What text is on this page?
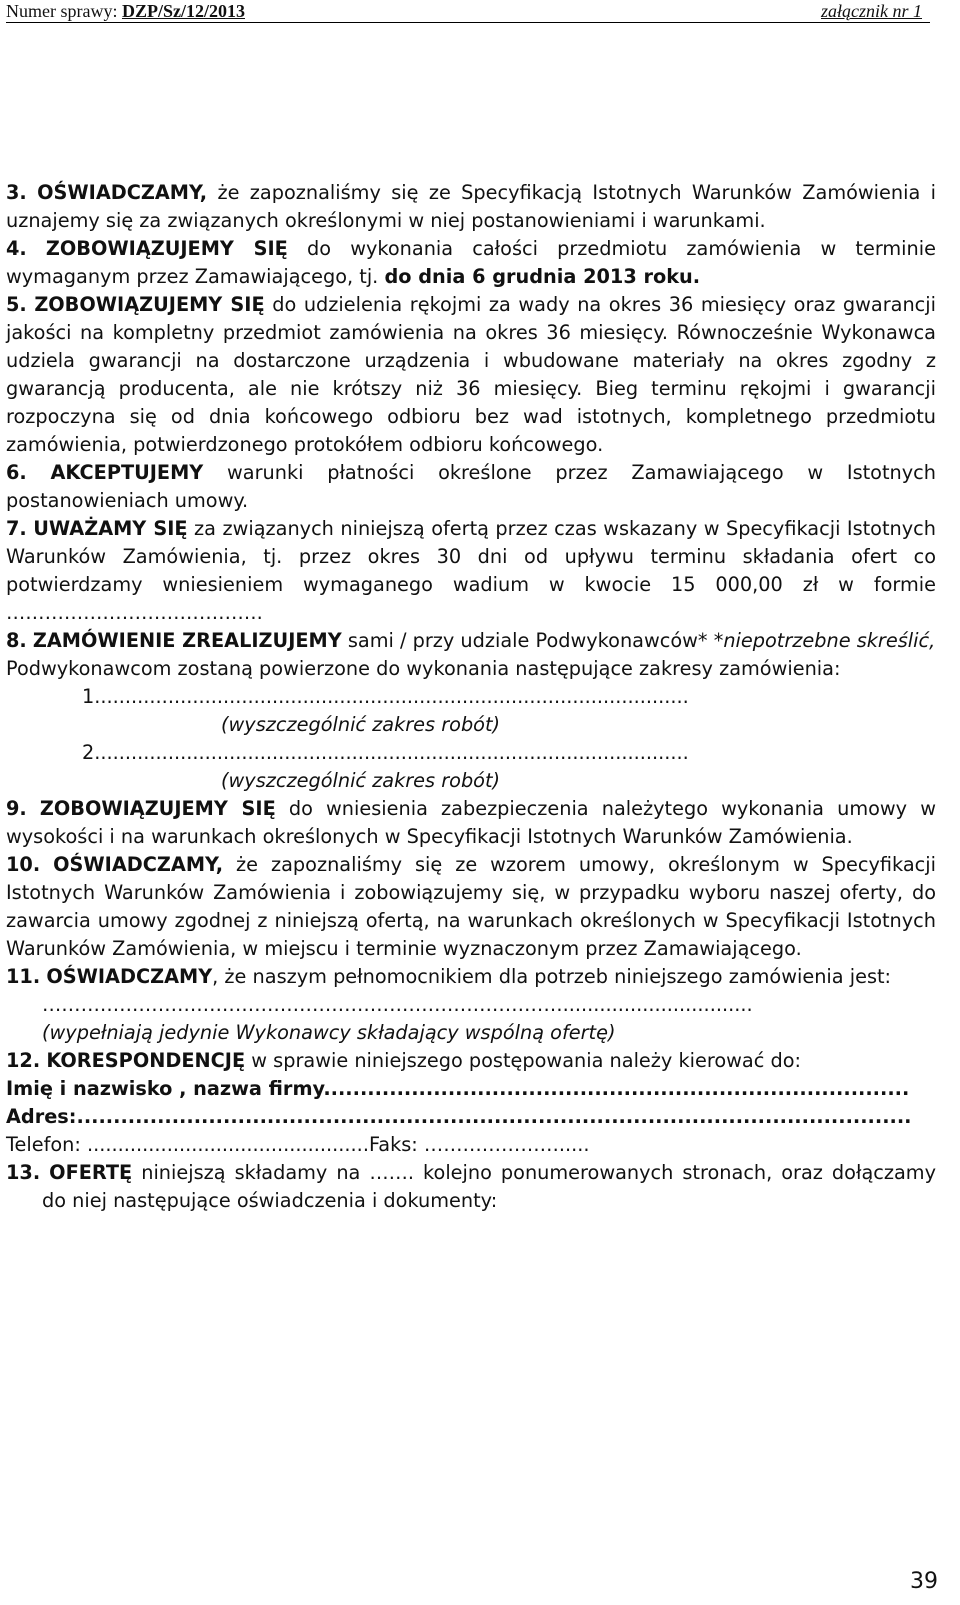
Numer sprawy: DZP/Sz/12/2013	załącznik nr 1

3. OŚWIADCZAMY, że zapoznaliśmy się ze Specyfikacją Istotnych Warunków Zamówienia i uznajemy się za związanych określonymi w niej postanowieniami i warunkami.

4. ZOBOWIĄZUJEMY SIĘ do wykonania całości przedmiotu zamówienia w terminie wymaganym przez Zamawiającego, tj. do dnia 6 grudnia 2013 roku.

5. ZOBOWIĄZUJEMY SIĘ do udzielenia rękojmi za wady na okres 36 miesięcy oraz gwarancji jakości na kompletny przedmiot zamówienia na okres 36 miesięcy. Równocześnie Wykonawca udziela gwarancji na dostarczone urządzenia i wbudowane materiały na okres zgodny z gwarancją producenta, ale nie krótszy niż 36 miesięcy. Bieg terminu rękojmi i gwarancji rozpoczyna się od dnia końcowego odbioru bez wad istotnych, kompletnego przedmiotu zamówienia, potwierdzonego protokółem odbioru końcowego.

6. AKCEPTUJEMY warunki płatności określone przez Zamawiającego w Istotnych postanowieniach umowy.

7. UWAŻAMY SIĘ za związanych niniejszą ofertą przez czas wskazany w Specyfikacji Istotnych Warunków Zamówienia, tj. przez okres 30 dni od upływu terminu składania ofert co potwierdzamy wniesieniem wymaganego wadium w kwocie 15 000,00 zł w formie ………………………………….

8. ZAMÓWIENIE ZREALIZUJEMY sami / przy udziale Podwykonawców* *niepotrzebne skreślić,

Podwykonawcom zostaną powierzone do wykonania następujące zakresy zamówienia:

1.................................................................................................

(wyszczególnić zakres robót)

2.................................................................................................

(wyszczególnić zakres robót)

9. ZOBOWIĄZUJEMY SIĘ do wniesienia zabezpieczenia należytego wykonania umowy w wysokości i na warunkach określonych w Specyfikacji Istotnych Warunków Zamówienia.

10. OŚWIADCZAMY, że zapoznaliśmy się ze wzorem umowy, określonym w Specyfikacji Istotnych Warunków Zamówienia i zobowiązujemy się, w przypadku wyboru naszej oferty, do zawarcia umowy zgodnej z niniejszą ofertą, na warunkach określonych w Specyfikacji Istotnych Warunków Zamówienia, w miejscu i terminie wyznaczonym przez Zamawiającego.

11. OŚWIADCZAMY, że naszym pełnomocnikiem dla potrzeb niniejszego zamówienia jest:

………………………………………………………………………...............................

(wypełniają jedynie Wykonawcy składający wspólną ofertę)

12. KORESPONDENCJĘ w sprawie niniejszego postępowania należy kierować do:

Imię i nazwisko , nazwa firmy................................................................................

Adres:..................................................................................................................

Telefon: ..............................................Faks: ………………….....

13. OFERTĘ niniejszą składamy na ……. kolejno ponumerowanych stronach, oraz dołączamy do niej następujące oświadczenia i dokumenty:

39
